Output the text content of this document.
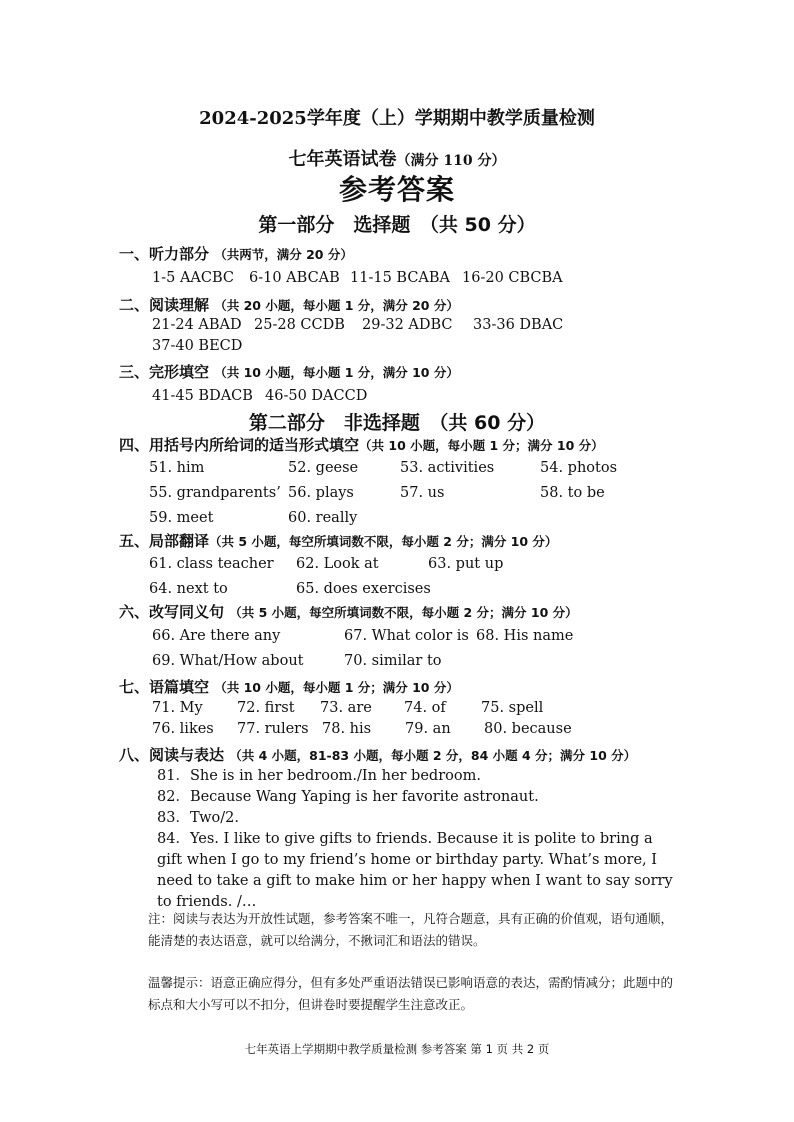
2024-2025学年度（上）学期期中教学质量检测
七年英语试卷（满分 110 分）
参考答案
第一部分　选择题　（共 50 分）
一、听力部分 （共两节，满分 20 分）
1-5 AACBC 6-10 ABCAB 11-15 BCABA 16-20 CBCBA
二、阅读理解 （共 20 小题，每小题 1 分，满分 20 分）
21-24 ABAD 25-28 CCDB 29-32 ADBC 33-36 DBAC
37-40 BECD
三、完形填空 （共 10 小题，每小题 1 分，满分 10 分）
41-45 BDACB 46-50 DACCD
第二部分　非选择题　（共 60 分）
四、用括号内所给词的适当形式填空（共 10 小题，每小题 1 分；满分 10 分）
51. him	52. geese	53. activities	54. photos
55. grandparents’ 56. plays	57. us	58. to be
59. meet	60. really
五、局部翻译（共 5 小题，每空所填词数不限，每小题 2 分；满分 10 分）
61. class teacher 62. Look at	63. put up
64. next to	65. does exercises
六、改写同义句 （共 5 小题，每空所填词数不限，每小题 2 分；满分 10 分）
66. Are there any	67. What color is 68. His name
69. What/How about	70. similar to
七、语篇填空 （共 10 小题，每小题 1 分；满分 10 分）
71. My 72. first 73. are 74. of 75. spell
76. likes 77. rulers 78. his 79. an 80. because
八、阅读与表达 （共 4 小题，81-83 小题，每小题 2 分，84 小题 4 分；满分 10 分）
81．She is in her bedroom./In her bedroom.
82．Because Wang Yaping is her favorite astronaut.
83．Two/2.
84．Yes. I like to give gifts to friends. Because it is polite to bring a gift when I go to my friend’s home or birthday party. What’s more, I need to take a gift to make him or her happy when I want to say sorry to friends. /…
注：阅读与表达为开放性试题，参考答案不唯一，凡符合题意，具有正确的价值观，语句通顺，能清楚的表达语意，就可以给满分，不揪词汇和语法的错误。
温馨提示：语意正确应得分，但有多处严重语法错误已影响语意的表达，需酌情减分；此题中的标点和大小写可以不扣分，但讲卷时要提醒学生注意改正。
七年英语上学期期中教学质量检测 参考答案 第 1 页 共 2 页
